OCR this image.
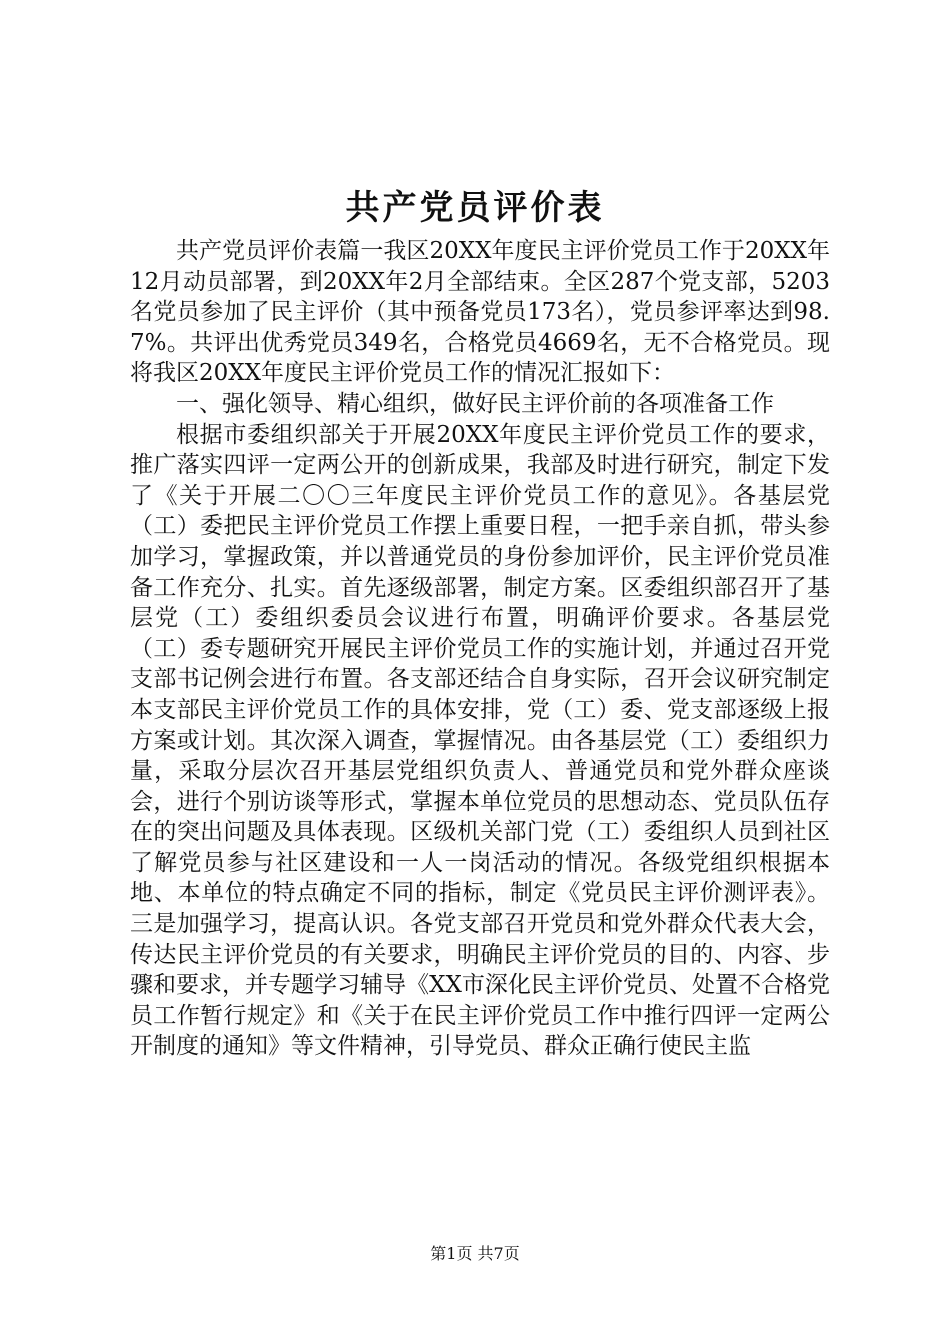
共产党员评价表

共产党员评价表篇一我区20XX年度民主评价党员工作于20XX年12月动员部署，到20XX年2月全部结束。全区287个党支部，5203名党员参加了民主评价（其中预备党员173名），党员参评率达到98.7%。共评出优秀党员349名，合格党员4669名，无不合格党员。现将我区20XX年度民主评价党员工作的情况汇报如下：

一、强化领导、精心组织，做好民主评价前的各项准备工作

根据市委组织部关于开展20XX年度民主评价党员工作的要求，推广落实四评一定两公开的创新成果，我部及时进行研究，制定下发了《关于开展二〇〇三年度民主评价党员工作的意见》。各基层党（工）委把民主评价党员工作摆上重要日程，一把手亲自抓，带头参加学习，掌握政策，并以普通党员的身份参加评价，民主评价党员准备工作充分、扎实。首先逐级部署，制定方案。区委组织部召开了基层党（工）委组织委员会议进行布置，明确评价要求。各基层党（工）委专题研究开展民主评价党员工作的实施计划，并通过召开党支部书记例会进行布置。各支部还结合自身实际，召开会议研究制定本支部民主评价党员工作的具体安排，党（工）委、党支部逐级上报方案或计划。其次深入调查，掌握情况。由各基层党（工）委组织力量，采取分层次召开基层党组织负责人、普通党员和党外群众座谈会，进行个别访谈等形式，掌握本单位党员的思想动态、党员队伍存在的突出问题及具体表现。区级机关部门党（工）委组织人员到社区了解党员参与社区建设和一人一岗活动的情况。各级党组织根据本地、本单位的特点确定不同的指标，制定《党员民主评价测评表》。三是加强学习，提高认识。各党支部召开党员和党外群众代表大会，传达民主评价党员的有关要求，明确民主评价党员的目的、内容、步骤和要求，并专题学习辅导《XX市深化民主评价党员、处置不合格党员工作暂行规定》和《关于在民主评价党员工作中推行四评一定两公开制度的通知》等文件精神，引导党员、群众正确行使民主监

第1页 共7页
